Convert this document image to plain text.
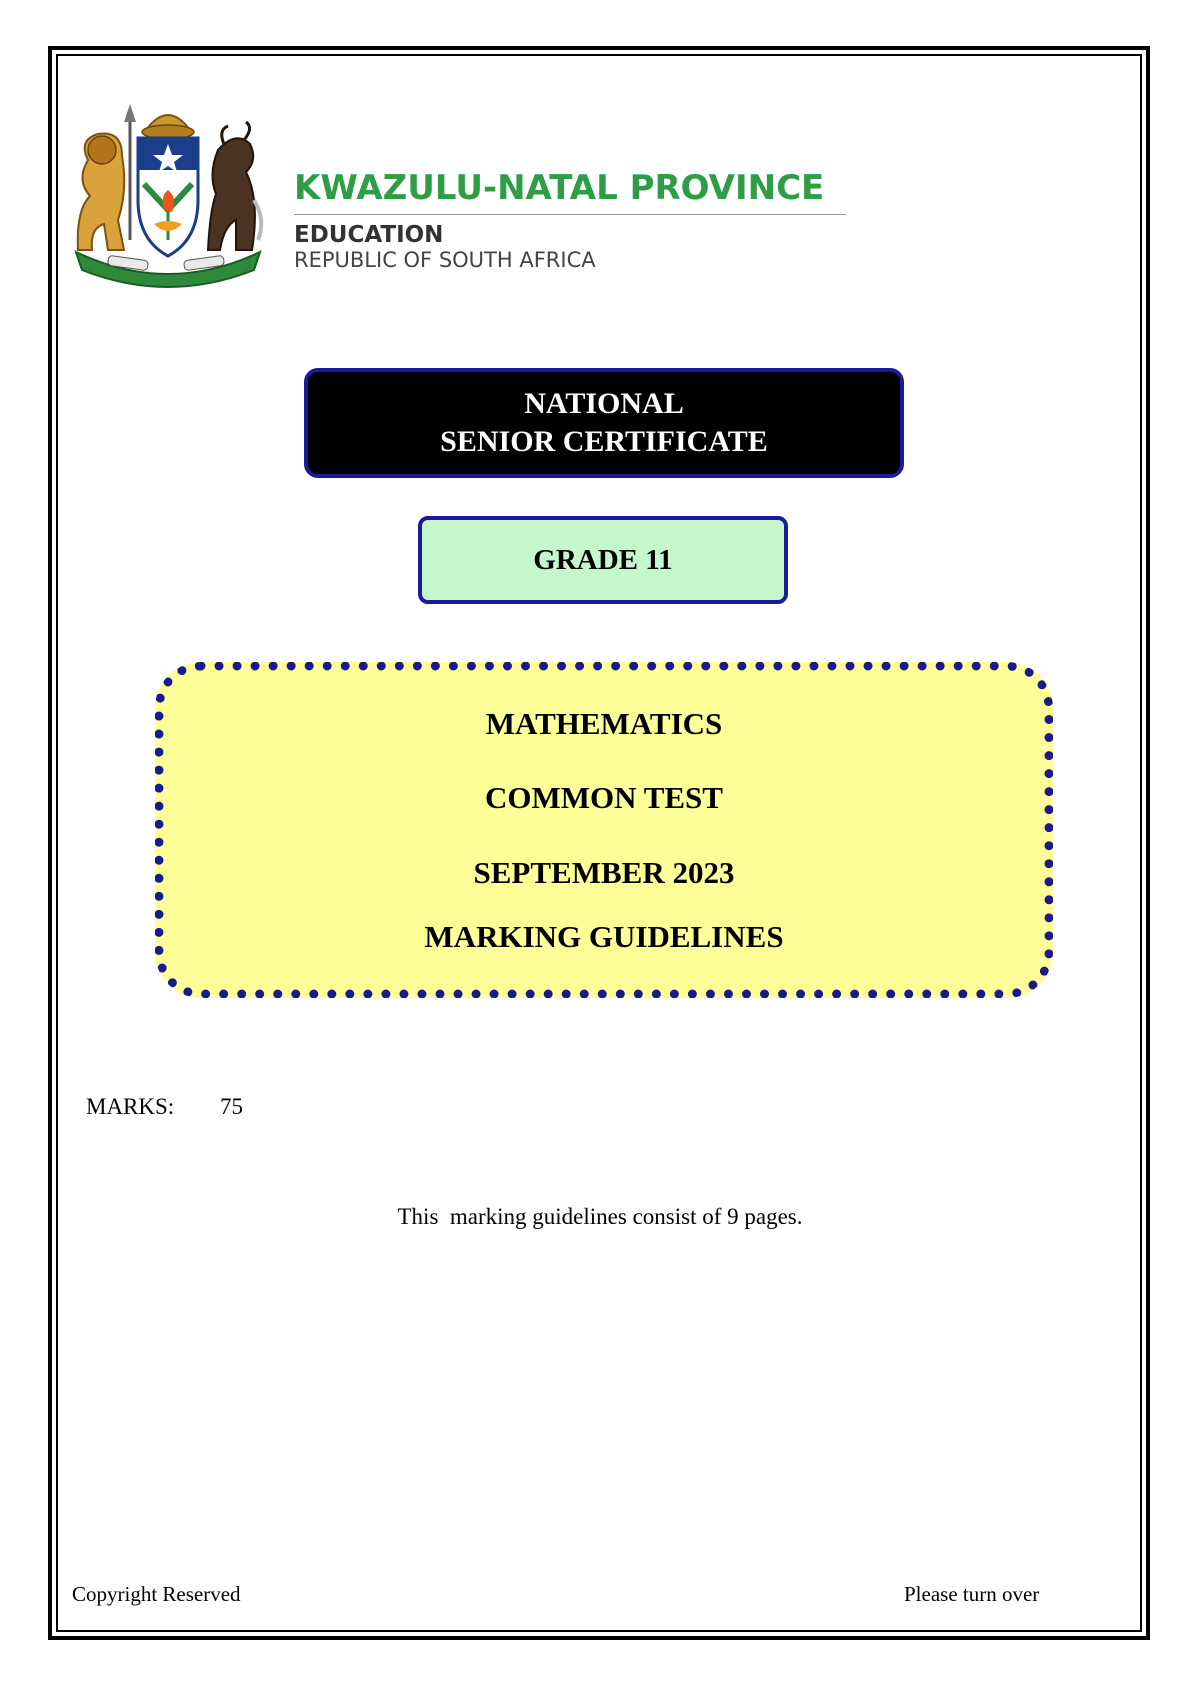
KWAZULU-NATAL PROVINCE
EDUCATION
REPUBLIC OF SOUTH AFRICA
NATIONAL
SENIOR CERTIFICATE
GRADE 11
MATHEMATICS
COMMON TEST
SEPTEMBER 2023
MARKING GUIDELINES
MARKS: 75
This  marking guidelines consist of 9 pages.
Copyright Reserved	Please turn over
